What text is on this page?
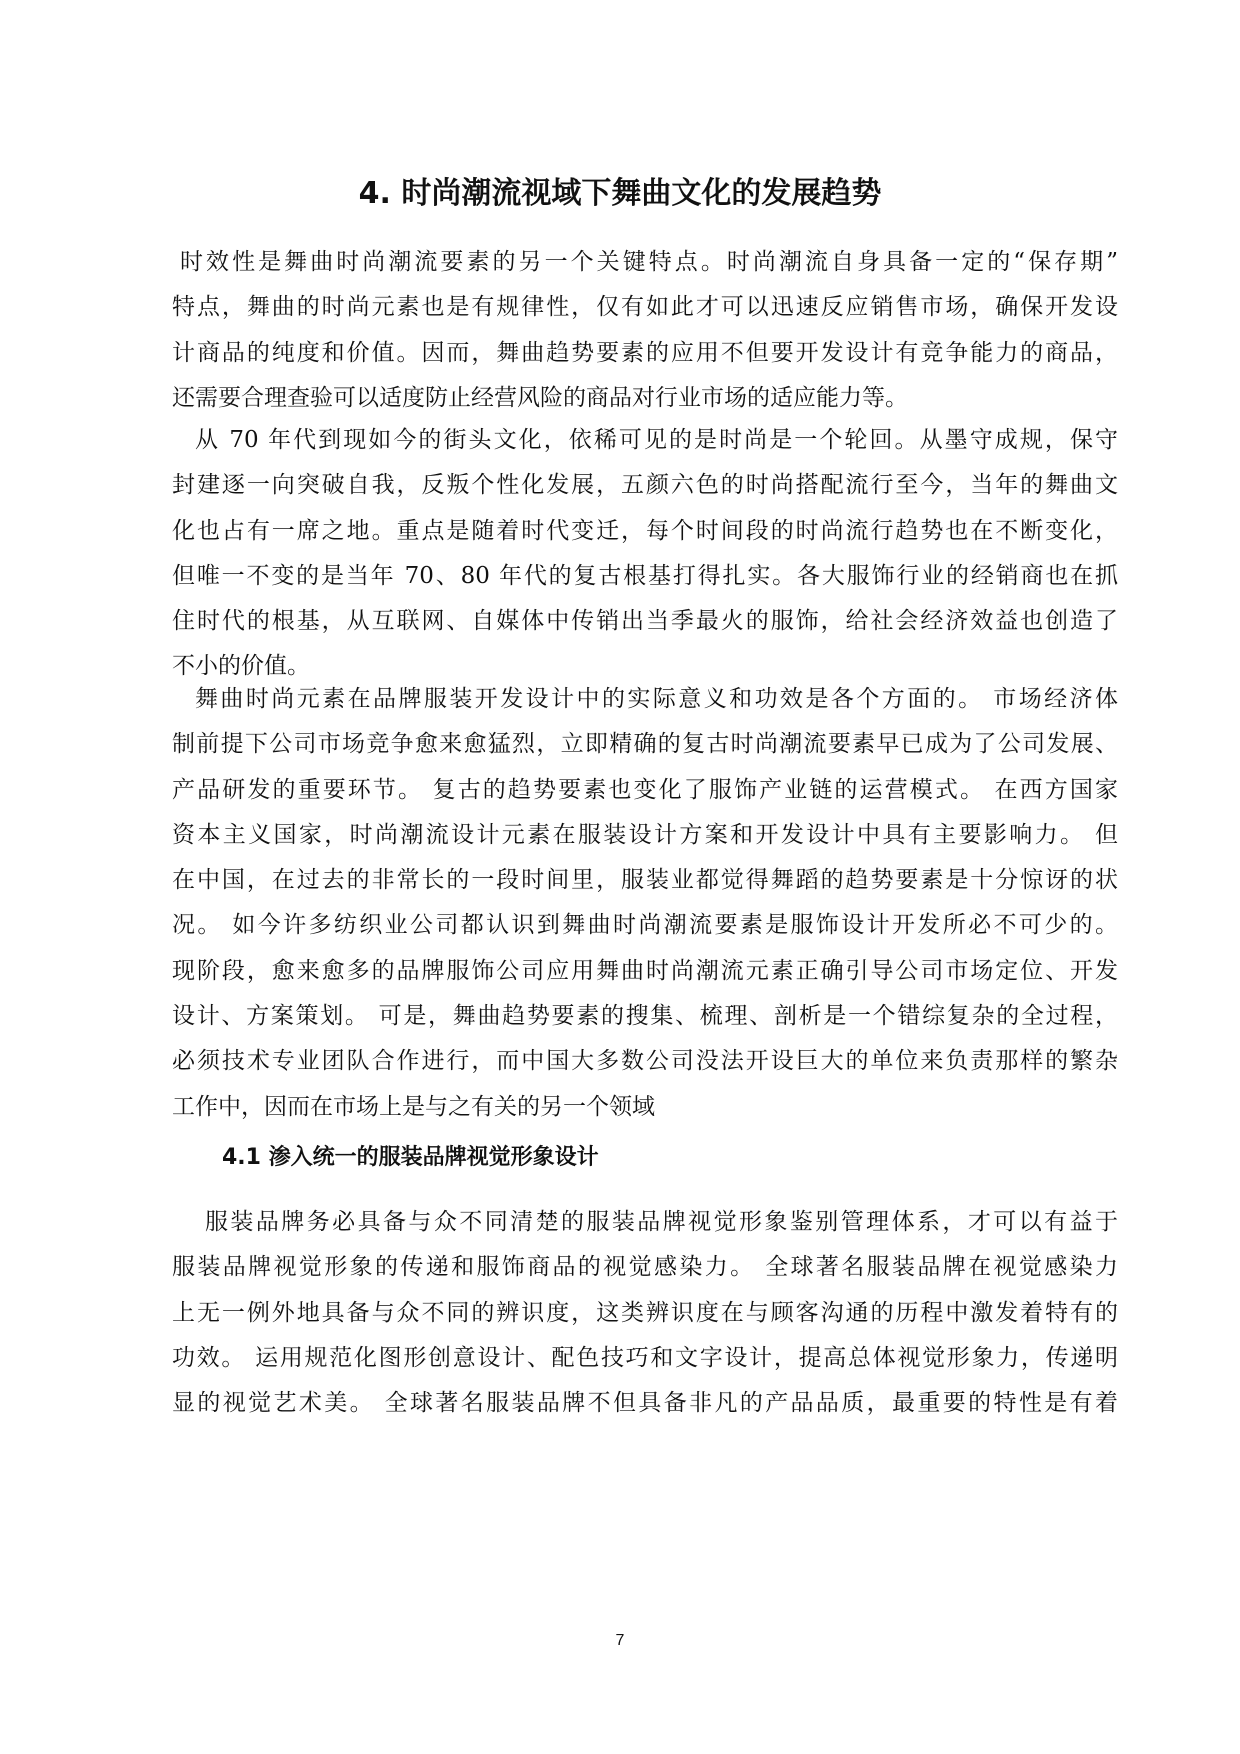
4. 时尚潮流视域下舞曲文化的发展趋势
时效性是舞曲时尚潮流要素的另一个关键特点。时尚潮流自身具备一定的“保存期”
特点，舞曲的时尚元素也是有规律性，仅有如此才可以迅速反应销售市场，确保开发设
计商品的纯度和价值。因而，舞曲趋势要素的应用不但要开发设计有竞争能力的商品，
还需要合理查验可以适度防止经营风险的商品对行业市场的适应能力等。
从 70 年代到现如今的街头文化，依稀可见的是时尚是一个轮回。从墨守成规，保守
封建逐一向突破自我，反叛个性化发展，五颜六色的时尚搭配流行至今，当年的舞曲文
化也占有一席之地。重点是随着时代变迁，每个时间段的时尚流行趋势也在不断变化，
但唯一不变的是当年 70、80 年代的复古根基打得扎实。各大服饰行业的经销商也在抓
住时代的根基，从互联网、自媒体中传销出当季最火的服饰，给社会经济效益也创造了
不小的价值。
舞曲时尚元素在品牌服装开发设计中的实际意义和功效是各个方面的。 市场经济体
制前提下公司市场竞争愈来愈猛烈，立即精确的复古时尚潮流要素早已成为了公司发展、
产品研发的重要环节。 复古的趋势要素也变化了服饰产业链的运营模式。 在西方国家
资本主义国家，时尚潮流设计元素在服装设计方案和开发设计中具有主要影响力。 但
在中国，在过去的非常长的一段时间里，服装业都觉得舞蹈的趋势要素是十分惊讶的状
况。 如今许多纺织业公司都认识到舞曲时尚潮流要素是服饰设计开发所必不可少的。
现阶段，愈来愈多的品牌服饰公司应用舞曲时尚潮流元素正确引导公司市场定位、开发
设计、方案策划。 可是，舞曲趋势要素的搜集、梳理、剖析是一个错综复杂的全过程，
必须技术专业团队合作进行，而中国大多数公司没法开设巨大的单位来负责那样的繁杂
工作中，因而在市场上是与之有关的另一个领域
4.1 渗入统一的服装品牌视觉形象设计
服装品牌务必具备与众不同清楚的服装品牌视觉形象鉴别管理体系，才可以有益于
服装品牌视觉形象的传递和服饰商品的视觉感染力。 全球著名服装品牌在视觉感染力
上无一例外地具备与众不同的辨识度，这类辨识度在与顾客沟通的历程中激发着特有的
功效。 运用规范化图形创意设计、配色技巧和文字设计，提高总体视觉形象力，传递明
显的视觉艺术美。 全球著名服装品牌不但具备非凡的产品品质，最重要的特性是有着
7
